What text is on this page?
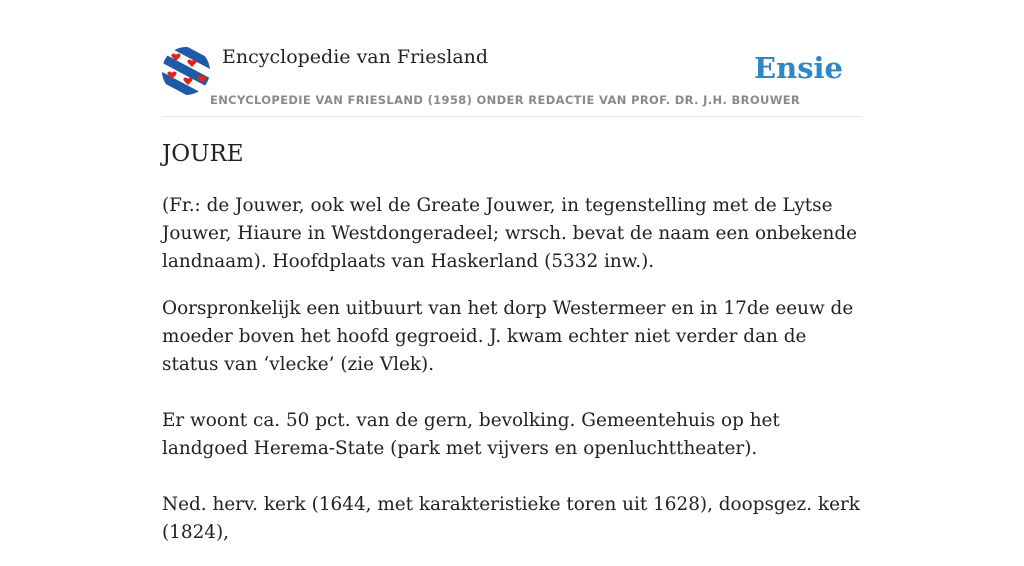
Encyclopedie van Friesland
ENCYCLOPEDIE VAN FRIESLAND (1958) ONDER REDACTIE VAN PROF. DR. J.H. BROUWER
Ensie
JOURE

(Fr.: de Jouwer, ook wel de Greate Jouwer, in tegenstelling met de Lytse Jouwer, Hiaure in Westdongeradeel; wrsch. bevat de naam een onbekende landnaam). Hoofdplaats van Haskerland (5332 inw.).

Oorspronkelijk een uitbuurt van het dorp Westermeer en in 17de eeuw de moeder boven het hoofd gegroeid. J. kwam echter niet verder dan de status van ‘vlecke’ (zie Vlek).

Er woont ca. 50 pct. van de gern, bevolking. Gemeentehuis op het landgoed Herema-State (park met vijvers en openluchttheater).

Ned. herv. kerk (1644, met karakteristieke toren uit 1628), doopsgez. kerk (1824),
